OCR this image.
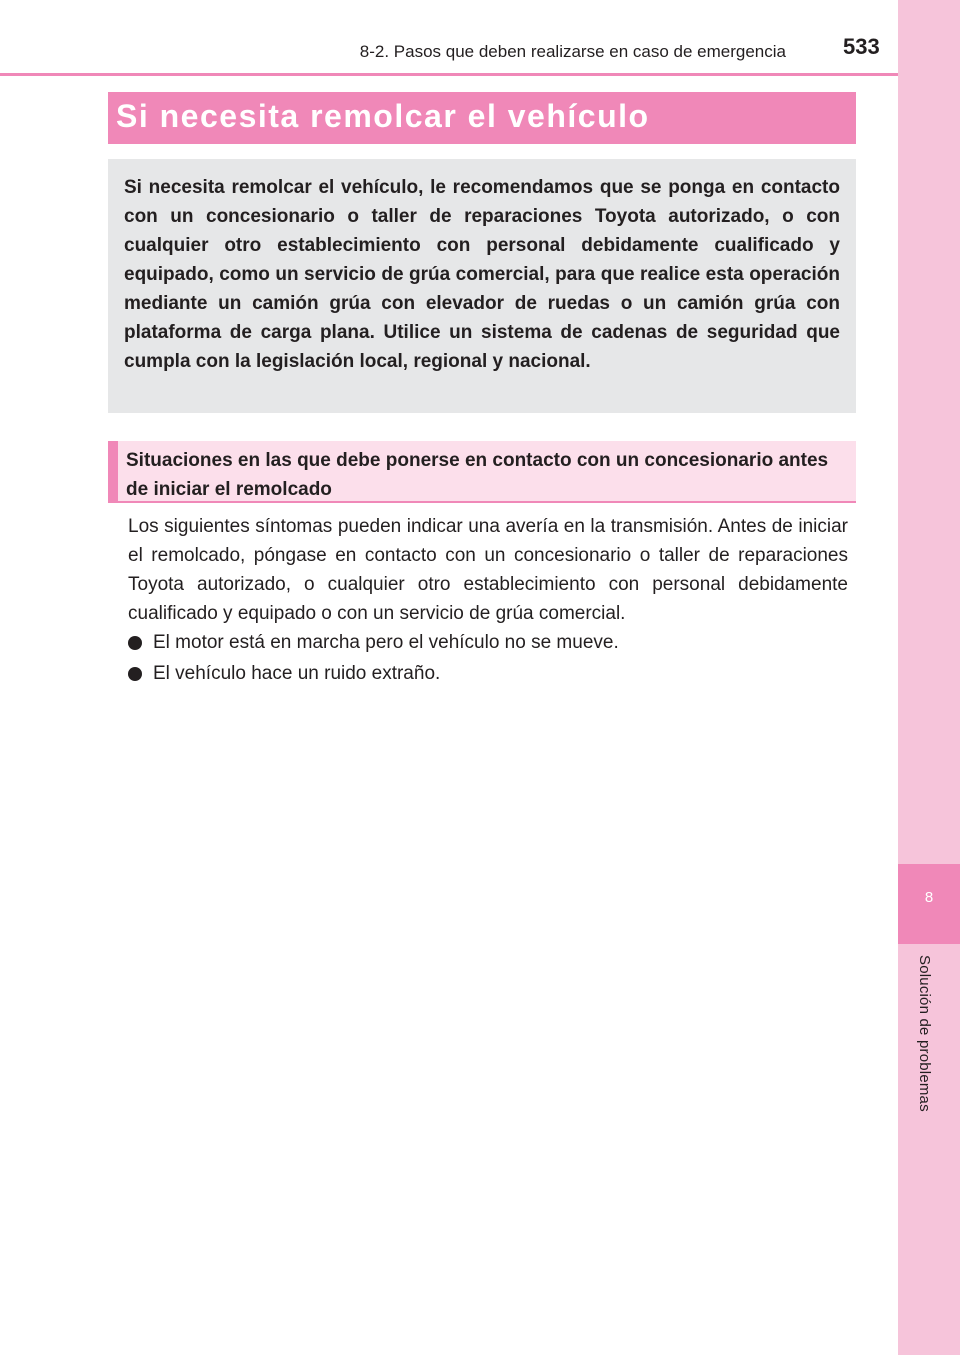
8
Solución de problemas
8-2. Pasos que deben realizarse en caso de emergencia	533
Si necesita remolcar el vehículo

Si necesita remolcar el vehículo, le recomendamos que se ponga en contacto con un concesionario o taller de reparaciones Toyota autorizado, o con cualquier otro establecimiento con personal debidamente cualificado y equipado, como un servicio de grúa comercial, para que realice esta operación mediante un camión grúa con elevador de ruedas o un camión grúa con plataforma de carga plana. Utilice un sistema de cadenas de seguridad que cumpla con la legislación local, regional y nacional.

Situaciones en las que debe ponerse en contacto con un concesionario antes de iniciar el remolcado

Los siguientes síntomas pueden indicar una avería en la transmisión. Antes de iniciar el remolcado, póngase en contacto con un concesionario o taller de reparaciones Toyota autorizado, o cualquier otro establecimiento con personal debidamente cualificado y equipado o con un servicio de grúa comercial.

El motor está en marcha pero el vehículo no se mueve.
El vehículo hace un ruido extraño.
